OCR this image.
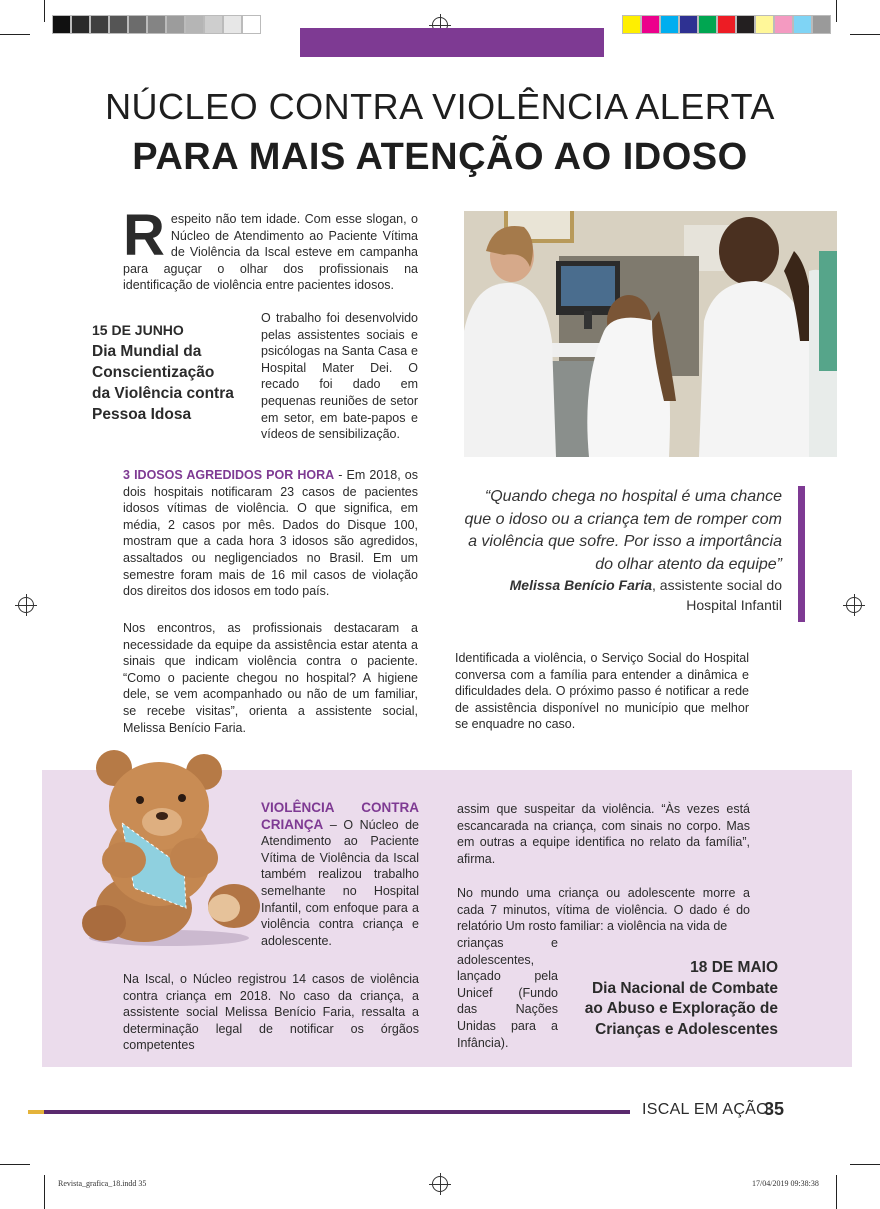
NÚCLEO CONTRA VIOLÊNCIA ALERTA
PARA MAIS ATENÇÃO AO IDOSO
Respeito não tem idade. Com esse slogan, o Núcleo de Atendimento ao Paciente Vítima de Violência da Iscal esteve em campanha para aguçar o olhar dos profissionais na identificação de violência entre pacientes idosos.
15 DE JUNHO
Dia Mundial da
Conscientização
da Violência contra
Pessoa Idosa
O trabalho foi desenvolvido pelas assistentes sociais e psicólogas na Santa Casa e Hospital Mater Dei. O recado foi dado em pequenas reuniões de setor em setor, em bate-papos e vídeos de sensibilização.
3 IDOSOS AGREDIDOS POR HORA - Em 2018, os dois hospitais notificaram 23 casos de pacientes idosos vítimas de violência. O que significa, em média, 2 casos por mês. Dados do Disque 100, mostram que a cada hora 3 idosos são agredidos, assaltados ou negligenciados no Brasil. Em um semestre foram mais de 16 mil casos de violação dos direitos dos idosos em todo país.
Nos encontros, as profissionais destacaram a necessidade da equipe da assistência estar atenta a sinais que indicam violência contra o paciente. “Como o paciente chegou no hospital? A higiene dele, se vem acompanhado ou não de um familiar, se recebe visitas”, orienta a assistente social, Melissa Benício Faria.
“Quando chega no hospital é uma chance que o idoso ou a criança tem de romper com a violência que sofre. Por isso a importância do olhar atento da equipe”
Melissa Benício Faria, assistente social do Hospital Infantil
Identificada a violência, o Serviço Social do Hospital conversa com a família para entender a dinâmica e dificuldades dela. O próximo passo é notificar a rede de assistência disponível no município que melhor se enquadre no caso.
VIOLÊNCIA CONTRA CRIANÇA – O Núcleo de Atendimento ao Paciente Vítima de Violência da Iscal também realizou trabalho semelhante no Hospital Infantil, com enfoque para a violência contra criança e adolescente.
Na Iscal, o Núcleo registrou 14 casos de violência contra criança em 2018. No caso da criança, a assistente social Melissa Benício Faria, ressalta a determinação legal de notificar os órgãos competentes
assim que suspeitar da violência. “Às vezes está escancarada na criança, com sinais no corpo. Mas em outras a equipe identifica no relato da família”, afirma.
No mundo uma criança ou adolescente morre a cada 7 minutos, vítima de violência. O dado é do relatório Um rosto familiar: a violência na vida de
crianças e adolescentes, lançado pela Unicef (Fundo das Nações Unidas para a Infância).
18 DE MAIO
Dia Nacional de Combate
ao Abuso e Exploração de
Crianças e Adolescentes
ISCAL EM AÇÃO
35
Revista_grafica_18.indd 35	17/04/2019 09:38:38
